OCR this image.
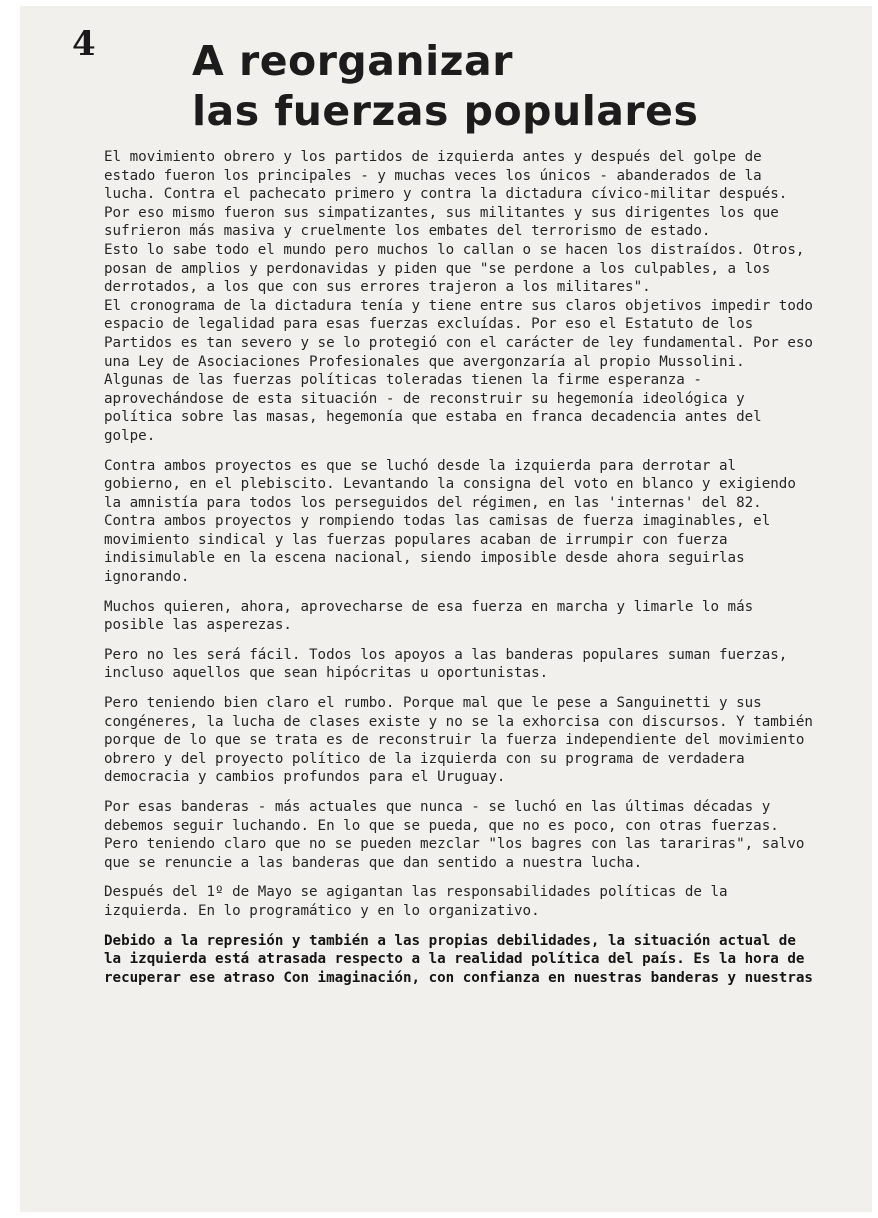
4 A reorganizar
las fuerzas populares

El movimiento obrero y los partidos de izquierda antes y después del golpe de estado fueron los principales - y muchas veces los únicos - abanderados de la lucha. Contra el pachecato primero y contra la dictadura cívico-militar después.

Por eso mismo fueron sus simpatizantes, sus militantes y sus dirigentes los que sufrieron más masiva y cruelmente los embates del terrorismo de estado.

Esto lo sabe todo el mundo pero muchos lo callan o se hacen los distraídos. Otros, posan de amplios y perdonavidas y piden que "se perdone a los culpables, a los derrotados, a los que con sus errores trajeron a los militares".

El cronograma de la dictadura tenía y tiene entre sus claros objetivos impedir todo espacio de legalidad para esas fuerzas excluídas. Por eso el Estatuto de los Partidos es tan severo y se lo protegió con el carácter de ley fundamental. Por eso una Ley de Asociaciones Profesionales que avergonzaría al propio Mussolini.

Algunas de las fuerzas políticas toleradas tienen la firme esperanza - aprovechándose de esta situación - de reconstruir su hegemonía ideológica y política sobre las masas, hegemonía que estaba en franca decadencia antes del golpe.

Contra ambos proyectos es que se luchó desde la izquierda para derrotar al gobierno, en el plebiscito. Levantando la consigna del voto en blanco y exigiendo la amnistía para todos los perseguidos del régimen, en las 'internas' del 82.

Contra ambos proyectos y rompiendo todas las camisas de fuerza imaginables, el movimiento sindical y las fuerzas populares acaban de irrumpir con fuerza indisimulable en la escena nacional, siendo imposible desde ahora seguirlas ignorando.

Muchos quieren, ahora, aprovecharse de esa fuerza en marcha y limarle lo más posible las asperezas.

Pero no les será fácil. Todos los apoyos a las banderas populares suman fuerzas, incluso aquellos que sean hipócritas u oportunistas.

Pero teniendo bien claro el rumbo. Porque mal que le pese a Sanguinetti y sus congéneres, la lucha de clases existe y no se la exhorcisa con discursos. Y también porque de lo que se trata es de reconstruir la fuerza independiente del movimiento obrero y del proyecto político de la izquierda con su programa de verdadera democracia y cambios profundos para el Uruguay.

Por esas banderas - más actuales que nunca - se luchó en las últimas décadas y debemos seguir luchando. En lo que se pueda, que no es poco, con otras fuerzas. Pero teniendo claro que no se pueden mezclar "los bagres con las tarariras", salvo que se renuncie a las banderas que dan sentido a nuestra lucha.

Después del 1º de Mayo se agigantan las responsabilidades políticas de la izquierda. En lo programático y en lo organizativo.

Debido a la represión y también a las propias debilidades, la situación actual de la izquierda está atrasada respecto a la realidad política del país. Es la hora de recuperar ese atraso Con imaginación, con confianza en nuestras banderas y nuestras
